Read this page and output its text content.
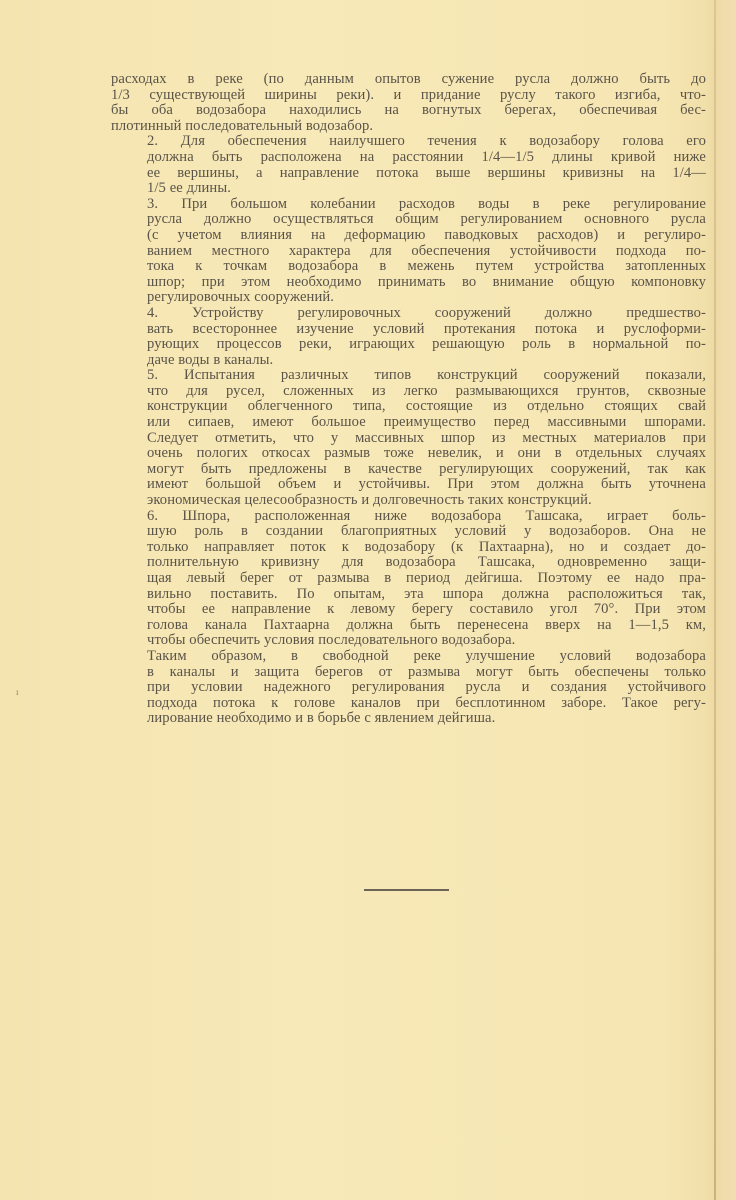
ı
расходах в реке (по данным опытов сужение русла должно быть до
1/3 существующей ширины реки). и придание руслу такого изгиба, что-
бы оба водозабора находились на вогнутых берегах, обеспечивая бес-
плотинный последовательный водозабор.
2. Для обеспечения наилучшего течения к водозабору голова его
должна быть расположена на расстоянии 1/4—1/5 длины кривой ниже
ее вершины, а направление потока выше вершины кривизны на 1/4—
1/5 ее длины.
3. При большом колебании расходов воды в реке регулирование
русла должно осуществляться общим регулированием основного русла
(с учетом влияния на деформацию паводковых расходов) и регулиро-
ванием местного характера для обеспечения устойчивости подхода по-
тока к точкам водозабора в межень путем устройства затопленных
шпор; при этом необходимо принимать во внимание общую компоновку
регулировочных сооружений.
4. Устройству регулировочных сооружений должно предшество-
вать всестороннее изучение условий протекания потока и руслоформи-
рующих процессов реки, играющих решающую роль в нормальной по-
даче воды в каналы.
5. Испытания различных типов конструкций сооружений показали,
что для русел, сложенных из легко размывающихся грунтов, сквозные
конструкции облегченного типа, состоящие из отдельно стоящих свай
или сипаев, имеют большое преимущество перед массивными шпорами.
Следует отметить, что у массивных шпор из местных материалов при
очень пологих откосах размыв тоже невелик, и они в отдельных случаях
могут быть предложены в качестве регулирующих сооружений, так как
имеют большой объем и устойчивы. При этом должна быть уточнена
экономическая целесообразность и долговечность таких конструкций.
6. Шпора, расположенная ниже водозабора Ташсака, играет боль-
шую роль в создании благоприятных условий у водозаборов. Она не
только направляет поток к водозабору (к Пахтаарна), но и создает до-
полнительную кривизну для водозабора Ташсака, одновременно защи-
щая левый берег от размыва в период дейгиша. Поэтому ее надо пра-
вильно поставить. По опытам, эта шпора должна расположиться так,
чтобы ее направление к левому берегу составило угол 70°. При этом
голова канала Пахтаарна должна быть перенесена вверх на 1—1,5 км,
чтобы обеспечить условия последовательного водозабора.
Таким образом, в свободной реке улучшение условий водозабора
в каналы и защита берегов от размыва могут быть обеспечены только
при условии надежного регулирования русла и создания устойчивого
подхода потока к голове каналов при бесплотинном заборе. Такое регу-
лирование необходимо и в борьбе с явлением дейгиша.
